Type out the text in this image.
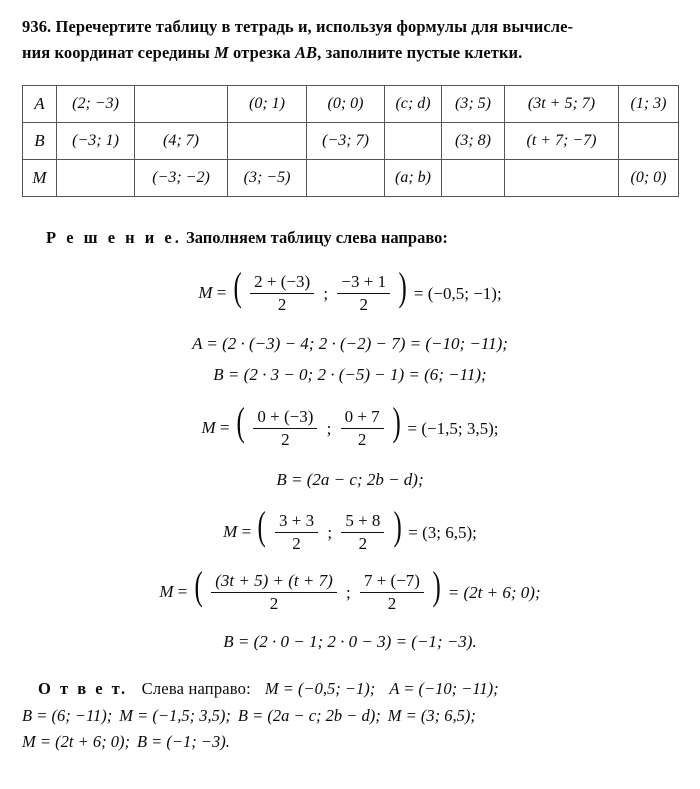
936. Перечертите таблицу в тетрадь и, используя формулы для вычисле-
ния координат середины M отрезка AB, заполните пустые клетки.
A	(2; −3)		(0; 1)	(0; 0)	(c; d)	(3; 5)	(3t + 5; 7)	(1; 3)
B	(−3; 1)	(4; 7)		(−3; 7)		(3; 8)	(t + 7; −7)	
M		(−3; −2)	(3; −5)		(a; b)			(0; 0)
Р е ш е н и е. Заполняем таблицу слева направо:
M = ( $\frac{2 + (-3)}{2}$ ; $\frac{-3 + 1}{2}$ ) = (−0,5; −1);
A = (2 · (−3) − 4; 2 · (−2) − 7) = (−10; −11);
B = (2 · 3 − 0; 2 · (−5) − 1) = (6; −11);
M = ( $\frac{0 + (-3)}{2}$ ; $\frac{0 + 7}{2}$ ) = (−1,5; 3,5);
B = (2a − c; 2b − d);
M = ( $\frac{3 + 3}{2}$ ; $\frac{5 + 8}{2}$ ) = (3; 6,5);
M = ( $\frac{(3t + 5) + (t + 7)}{2}$ ; $\frac{7 + (-7)}{2}$ ) = (2t + 6; 0);
B = (2 · 0 − 1; 2 · 0 − 3) = (−1; −3).
О т в е т. Слева направо: M = (−0,5; −1); A = (−10; −11);
B = (6; −11); M = (−1,5; 3,5); B = (2a − c; 2b − d); M = (3; 6,5);
M = (2t + 6; 0); B = (−1; −3).
